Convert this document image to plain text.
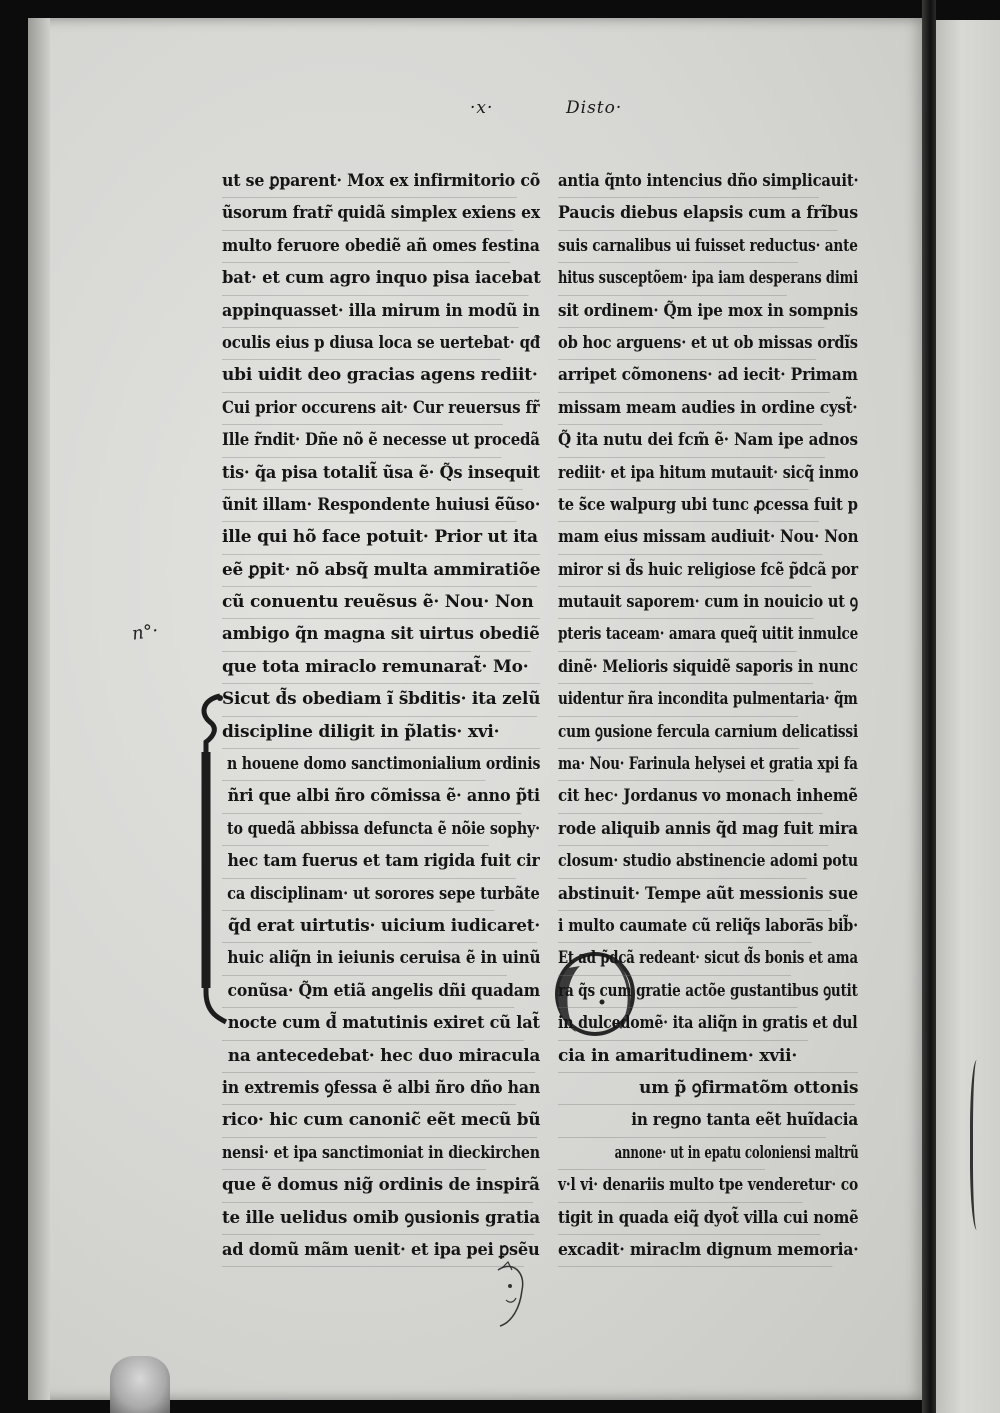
·x·	Disto·
n°·
ut se ꝑparent· Mox ex infirmitorio cõ
ũsorum fratr̃ quidã simplex exiens ex
multo feruore obediẽ añ omes festina
bat· et cum agro inquo pisa iacebat
appinquasset· illa mirum in modũ in
oculis eius p diusa loca se uertebat· qđ
ubi uidit deo gracias agens rediit·
Cui prior occurens ait· Cur reuersus fr̃
Ille r̃ndit· Dñe nõ ẽ necesse ut procedã
tis· q̃a pisa totalit̃ ũsa ẽ· Q̃s insequit
ũnit illam· Respondente huiusi ẽ̃ũso·
ille qui hõ face potuit· Prior ut ita
eẽ ꝑpit· nõ absq̃ multa ammiratiõe
cũ conuentu reuẽsus ẽ· Nou· Non
ambigo q̃n magna sit uirtus obediẽ
que tota miraclo remunarat̃· Mo·
Sicut d̃s obediam ĩ s̃bditis· ita zelũ
discipline diligit in p̃latis· xvi·
n houene domo sanctimonialium ordinis
ñri que albi ñro cõmissa ẽ· anno p̃ti
to quedã abbissa defuncta ẽ nõie sophy·
hec tam fuerus et tam rigida fuit cir
ca disciplinam· ut sorores sepe turbãte
q̃d erat uirtutis· uicium iudicaret·
huic aliq̃n in ieiunis ceruisa ẽ in uinũ
conũsa· Q̃m etiã angelis dñi quadam
nocte cum d̃ matutinis exiret cũ lat̃
na antecedebat· hec duo miracula
in extremis ꝯfessa ẽ albi ñro dño han
rico· hic cum canonic̃ eẽt mecũ bũ
nensi· et ipa sanctimoniat in dieckirchen
que ẽ domus nig̃ ordinis de inspirã
te ille uelidus omib ꝯusionis gratia
ad domũ mãm uenit· et ipa pei ꝑsẽu
antia q̃nto intencius dño simplicauit·
Paucis diebus elapsis cum a frĩbus
suis carnalibus ui fuisset reductus· ante
hitus susceptõem· ipa iam desperans dimi
sit ordinem· Q̃m ipe mox in sompnis
ob hoc arguens· et ut ob missas ordĩs
arripet cõmonens· ad iecit· Primam
missam meam audies in ordine cyst̃·
Q̃ ita nutu dei fcm̃ ẽ· Nam ipe adnos
rediit· et ipa hitum mutauit· sicq̃ inmo
te s̃ce walpurg ubi tunc ꝓcessa fuit p
mam eius missam audiuit· Nou· Non
miror si d̃s huic religiose fcẽ p̃dcã por
mutauit saporem· cum in nouicio ut ꝯ
pteris taceam· amara queq̃ uitit inmulce
dinẽ· Melioris siquidẽ saporis in nunc
uidentur ñra incondita pulmentaria· q̃m
cum ꝯusione fercula carnium delicatissi
ma· Nou· Farinula helysei et gratia xpi fa
cit hec· Jordanus vo monach inhemẽ
rode aliquib annis q̃d mag fuit mira
closum· studio abstinencie adomi potu
abstinuit· Tempe aũt messionis sue
i multo caumate cũ reliq̃s labora̅s bib̃·
Et ad p̃dcã redeant· sicut d̃s bonis et ama
ra q̃s cum gratie actõe gustantibus ꝯutit
in dulcedomẽ· ita aliq̃n in gratis et dul
cia in amaritudinem· xvii·
um p̃ ꝯfirmatõm ottonis
in regno tanta eẽt huĩdacia
annone· ut in epatu coloniensi maltrũ
v·l vi· denariis multo tpe venderetur· co
tigit in quada eiq̃ dyot̃ villa cui nomẽ
excadit· miraclm dignum memoria·
